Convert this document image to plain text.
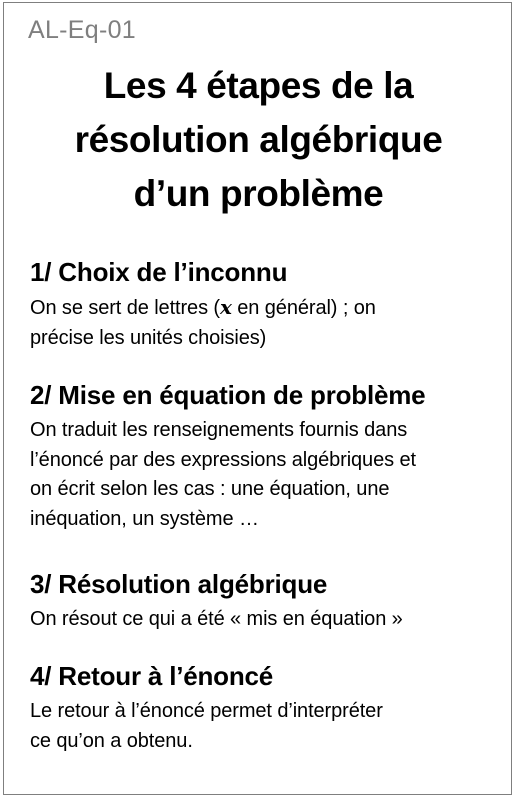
AL-Eq-01
Les 4 étapes de la
résolution algébrique
d’un problème
1/ Choix de l’inconnu
On se sert de lettres (x en général) ; on
précise les unités choisies)
2/ Mise en équation de problème
On traduit les renseignements fournis dans
l’énoncé par des expressions algébriques et
on écrit selon les cas : une équation, une
inéquation, un système …
3/ Résolution algébrique
On résout ce qui a été « mis en équation »
4/ Retour à l’énoncé
Le retour à l’énoncé permet d’interpréter
ce qu’on a obtenu.
